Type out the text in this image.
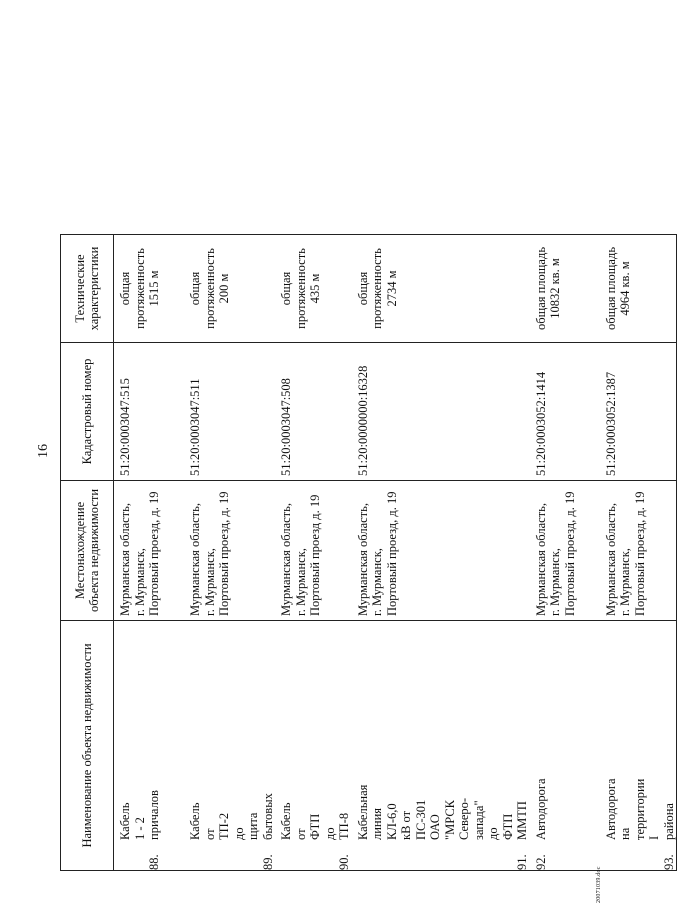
16
Наименование объекта недвижимости	Местонахождение объекта недвижимости	Кадастровый номер	Технические характеристики
88.Кабель 1 - 2 причалов	Мурманская область,
г. Мурманск,
Портовый проезд, д. 19	51:20:0003047:515	общая протяженность
1515 м

89.Кабель от ТП-2 до щита бытовых	Мурманская область,
г. Мурманск,
Портовый проезд, д. 19	51:20:0003047:511	общая протяженность
200 м

90.Кабель от ФТП до ТП-8	Мурманская область,
г. Мурманск,
Портовый проезд д. 19	51:20:0003047:508	общая протяженность
435 м

91.Кабельная линия КЛ-6,0 кВ от ПС-301 ОАО "МРСК Северо-запада" до ФТП ММТП	Мурманская область,
г. Мурманск,
Портовый проезд, д. 19	51:20:0000000:16328	общая протяженность
2734 м

92.Автодорога	Мурманская область,
г. Мурманск,
Портовый проезд, д. 19	51:20:0003052:1414	общая площадь
10832 кв. м

93.Автодорога на территории I района	Мурманская область,
г. Мурманск,
Портовый проезд, д. 19	51:20:0003052:1387	общая площадь
4964 кв. м
20071039.doc
